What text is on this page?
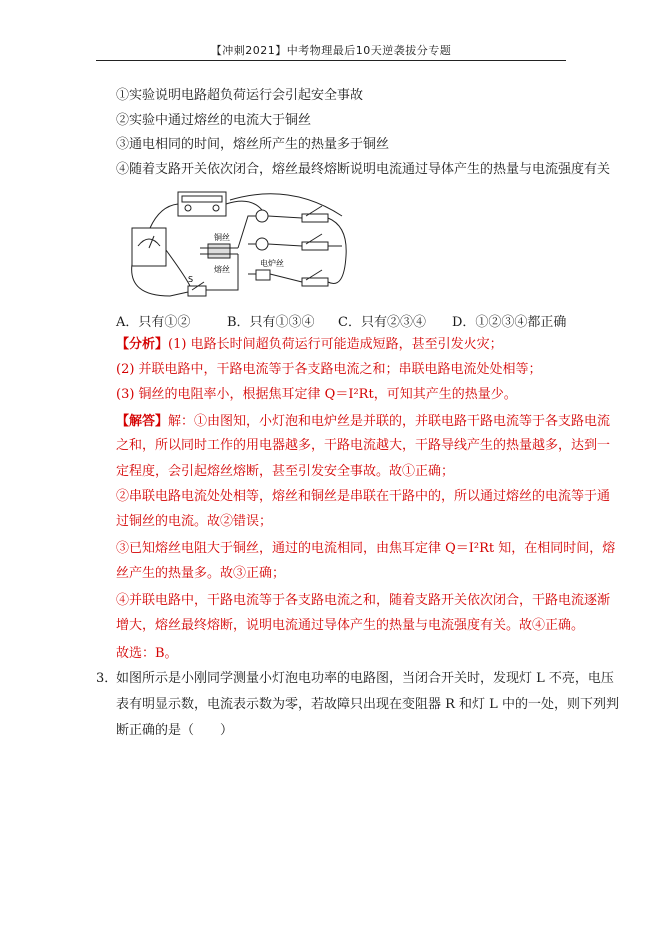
【冲刺2021】中考物理最后10天逆袭拔分专题
①实验说明电路超负荷运行会引起安全事故
②实验中通过熔丝的电流大于铜丝
③通电相同的时间，熔丝所产生的热量多于铜丝
④随着支路开关依次闭合，熔丝最终熔断说明电流通过导体产生的热量与电流强度有关
铜丝
熔丝
电炉丝
S
A．只有①②	B．只有①③④ C．只有②③④ D．①②③④都正确
【分析】(1) 电路长时间超负荷运行可能造成短路，甚至引发火灾；
(2) 并联电路中，干路电流等于各支路电流之和；串联电路电流处处相等；
(3) 铜丝的电阻率小，根据焦耳定律 Q＝I²Rt，可知其产生的热量少。
【解答】解：①由图知，小灯泡和电炉丝是并联的，并联电路干路电流等于各支路电流
之和，所以同时工作的用电器越多，干路电流越大，干路导线产生的热量越多，达到一
定程度，会引起熔丝熔断，甚至引发安全事故。故①正确；
②串联电路电流处处相等，熔丝和铜丝是串联在干路中的，所以通过熔丝的电流等于通
过铜丝的电流。故②错误；
③已知熔丝电阻大于铜丝，通过的电流相同，由焦耳定律 Q＝I²Rt 知，在相同时间，熔
丝产生的热量多。故③正确；
④并联电路中，干路电流等于各支路电流之和，随着支路开关依次闭合，干路电流逐渐
增大，熔丝最终熔断，说明电流通过导体产生的热量与电流强度有关。故④正确。
故选：B。
3．
如图所示是小刚同学测量小灯泡电功率的电路图，当闭合开关时，发现灯 L 不亮，电压
表有明显示数，电流表示数为零，若故障只出现在变阻器 R 和灯 L 中的一处，则下列判
断正确的是（　　）
